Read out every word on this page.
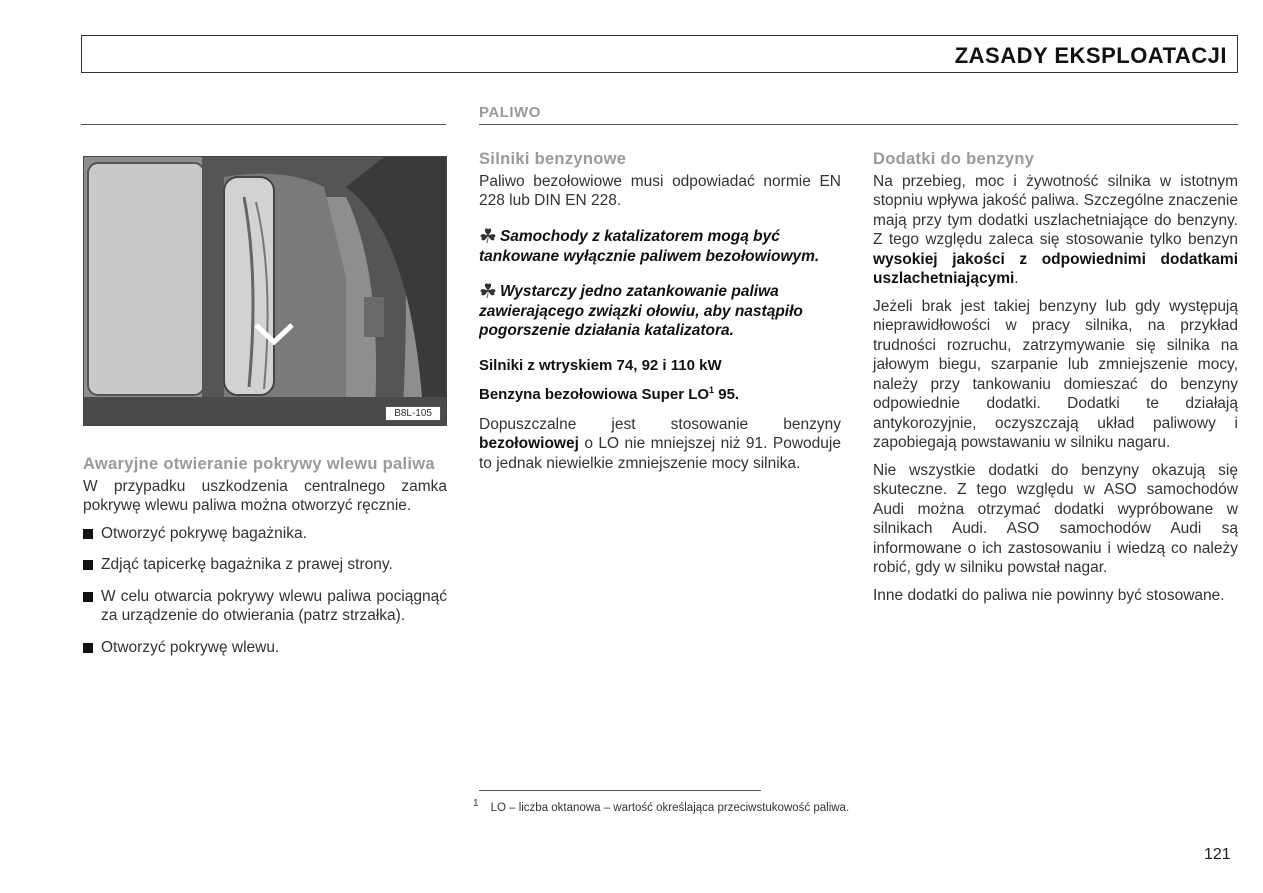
ZASADY EKSPLOATACJI
PALIWO
B8L-105
Awaryjne otwieranie pokrywy wlewu paliwa

W przypadku uszkodzenia centralnego zamka pokrywę wlewu paliwa można otworzyć ręcznie.

Otworzyć pokrywę bagażnika.
Zdjąć tapicerkę bagażnika z prawej strony.
W celu otwarcia pokrywy wlewu paliwa pociągnąć za urządzenie do otwierania (patrz strzałka).
Otworzyć pokrywę wlewu.
Silniki benzynowe

Paliwo bezołowiowe musi odpowiadać normie EN 228 lub DIN EN 228.

☘ Samochody z katalizatorem mogą być tankowane wyłącznie paliwem bezołowiowym.
☘ Wystarczy jedno zatankowanie paliwa zawierającego związki ołowiu, aby nastąpiło pogorszenie działania katalizatora.
Silniki z wtryskiem 74, 92 i 110 kW
Benzyna bezołowiowa Super $LO^1$ 95.

Dopuszczalne jest stosowanie benzyny bezołowiowej o LO nie mniejszej niż 91. Powoduje to jednak niewielkie zmniejszenie mocy silnika.

Dodatki do benzyny

Na przebieg, moc i żywotność silnika w istotnym stopniu wpływa jakość paliwa. Szczególne znaczenie mają przy tym dodatki uszlachetniające do benzyny. Z tego względu zaleca się stosowanie tylko benzyn wysokiej jakości z odpowiednimi dodatkami uszlachetniającymi.

Jeżeli brak jest takiej benzyny lub gdy występują nieprawidłowości w pracy silnika, na przykład trudności rozruchu, zatrzymywanie się silnika na jałowym biegu, szarpanie lub zmniejszenie mocy, należy przy tankowaniu domieszać do benzyny odpowiednie dodatki. Dodatki te działają antykorozyjnie, oczyszczają układ paliwowy i zapobiegają powstawaniu w silniku nagaru.

Nie wszystkie dodatki do benzyny okazują się skuteczne. Z tego względu w ASO samochodów Audi można otrzymać dodatki wypróbowane w silnikach Audi. ASO samochodów Audi są informowane o ich zastosowaniu i wiedzą co należy robić, gdy w silniku powstał nagar.

Inne dodatki do paliwa nie powinny być stosowane.

$^1$ LO – liczba oktanowa – wartość określająca przeciwstukowość paliwa.
121
